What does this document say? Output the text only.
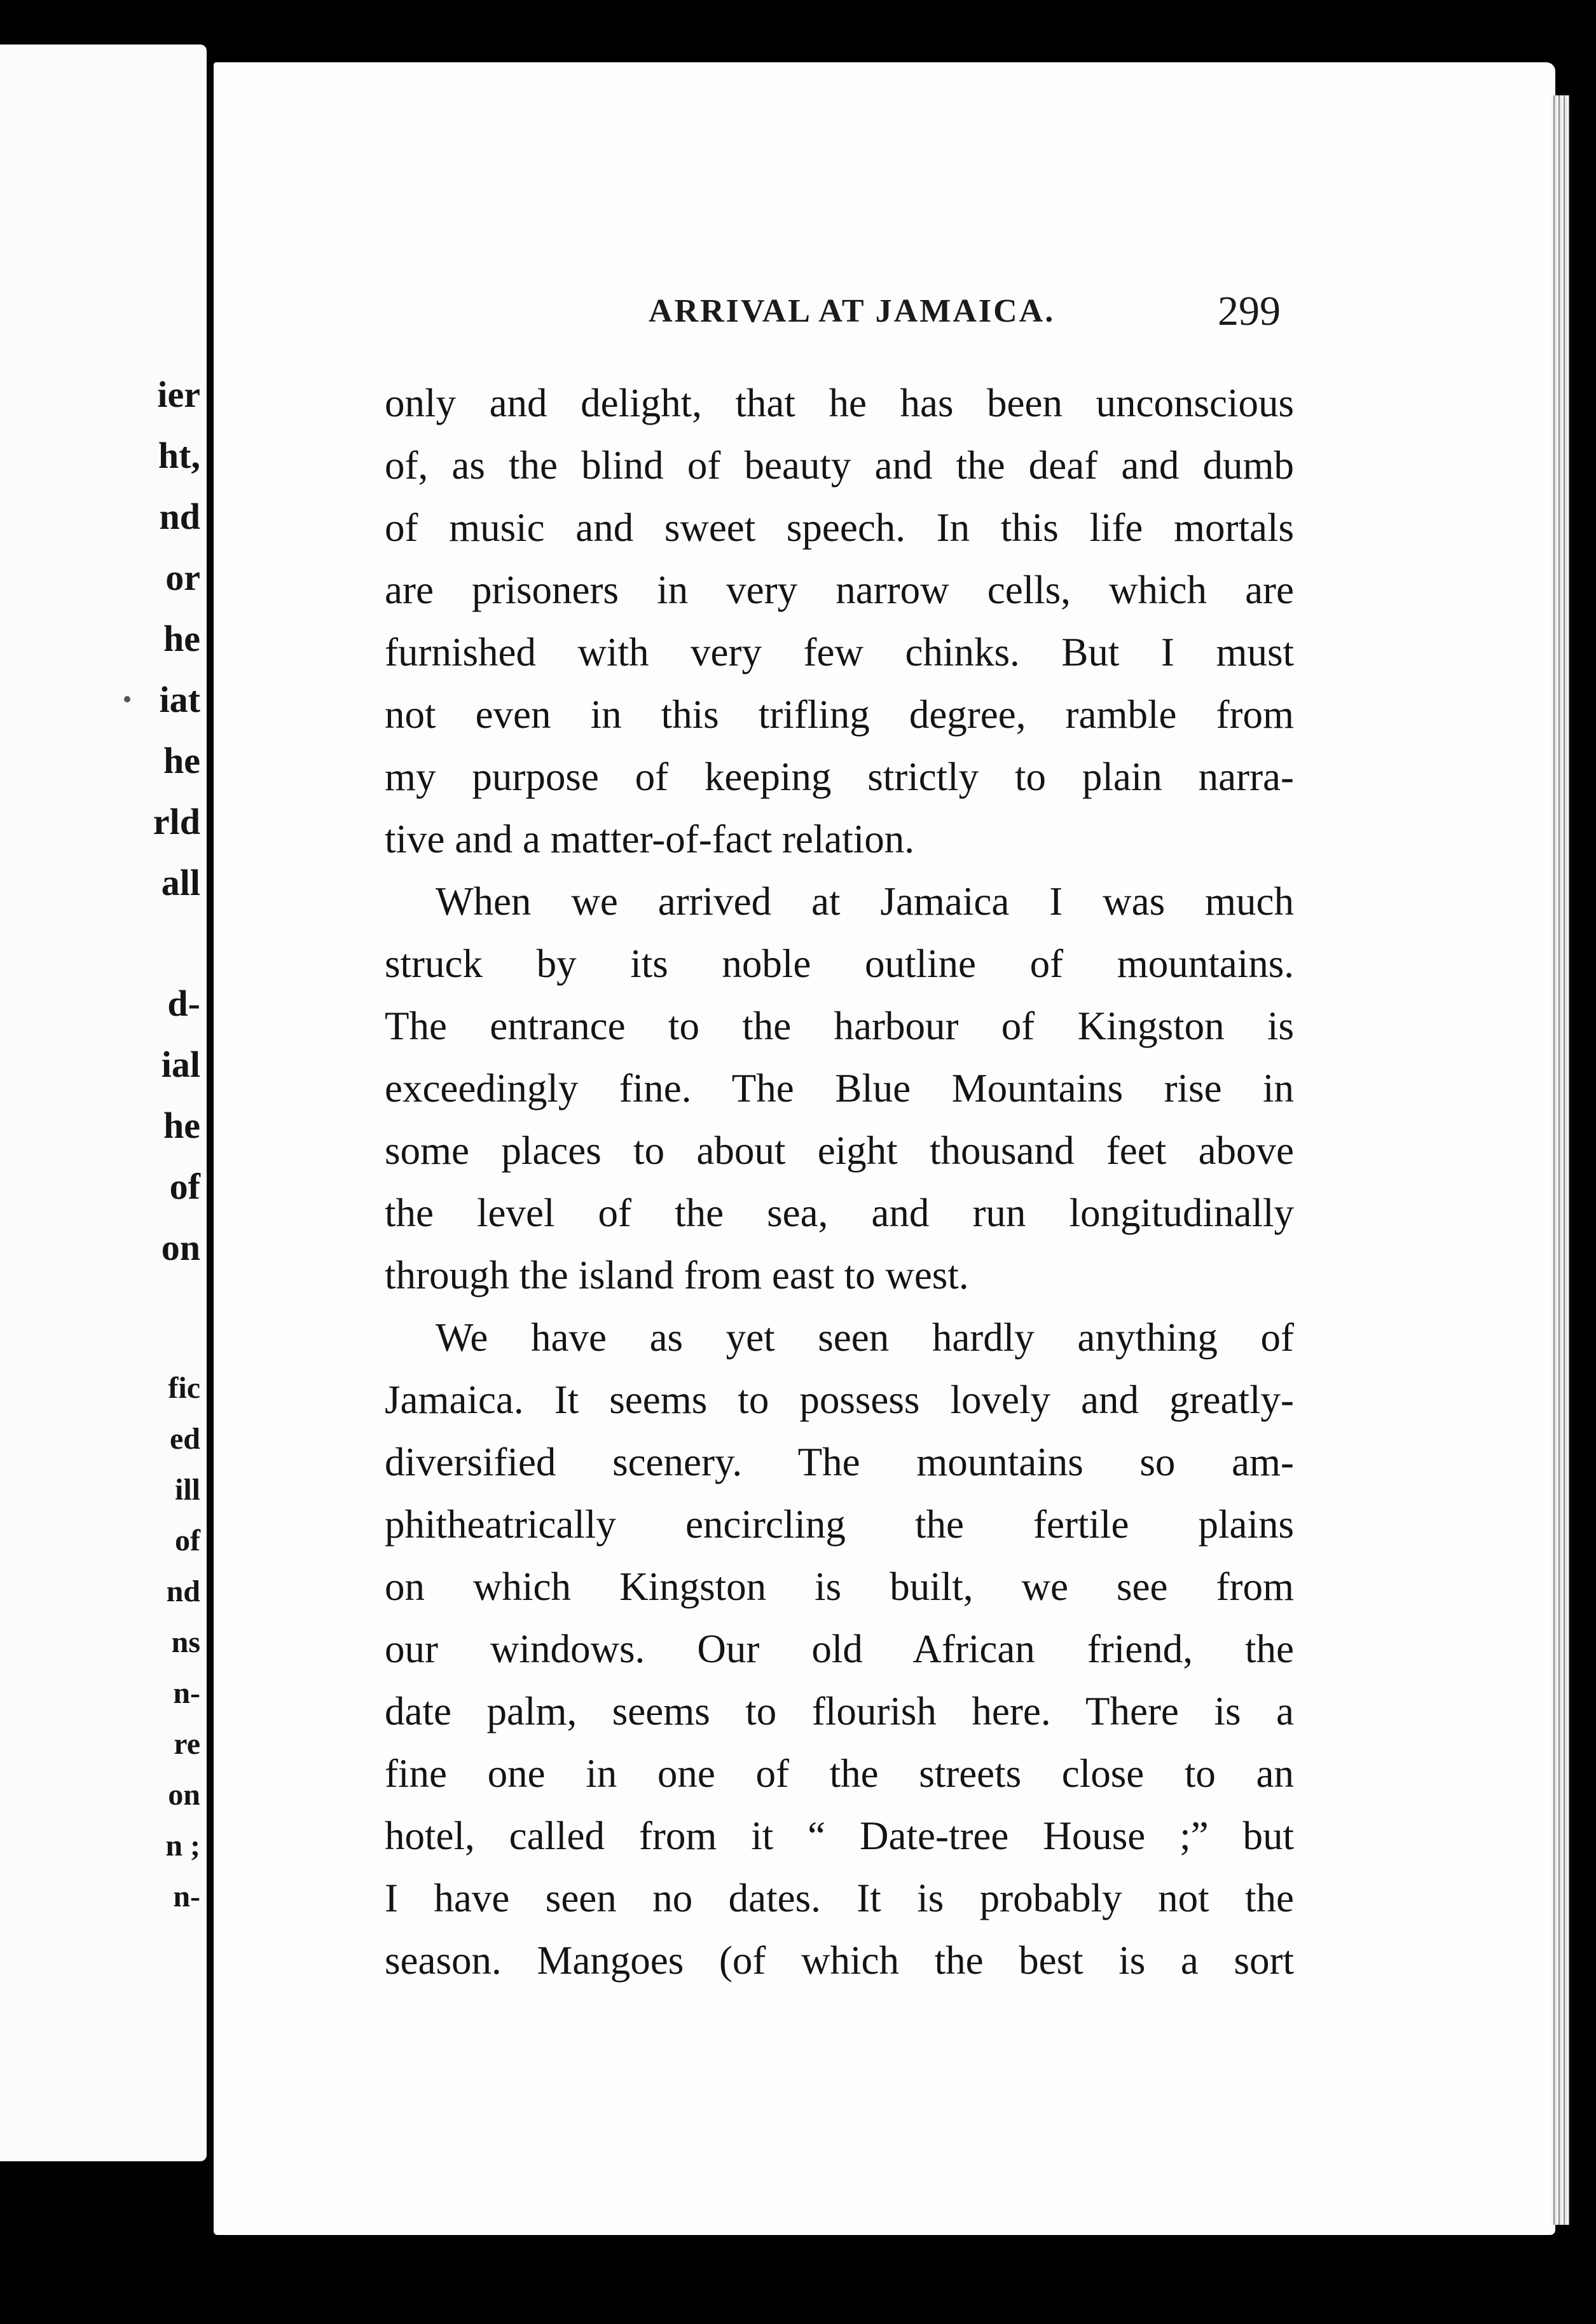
ier
ht,
nd
or
he
iat
he
rld
all
d-
ial
he
of
on
fic
ed
ill
of
nd
ns
n-
re
on
n ;
n-
ARRIVAL AT JAMAICA.	299
only and delight, that he has been unconscious
of, as the blind of beauty and the deaf and dumb
of music and sweet speech. In this life mortals
are prisoners in very narrow cells, which are
furnished with very few chinks. But I must
not even in this trifling degree, ramble from
my purpose of keeping strictly to plain narra-
tive and a matter-of-fact relation.
When we arrived at Jamaica I was much
struck by its noble outline of mountains.
The entrance to the harbour of Kingston is
exceedingly fine. The Blue Mountains rise in
some places to about eight thousand feet above
the level of the sea, and run longitudinally
through the island from east to west.
We have as yet seen hardly anything of
Jamaica. It seems to possess lovely and greatly-
diversified scenery. The mountains so am-
phitheatrically encircling the fertile plains
on which Kingston is built, we see from
our windows. Our old African friend, the
date palm, seems to flourish here. There is a
fine one in one of the streets close to an
hotel, called from it “ Date-tree House ;” but
I have seen no dates. It is probably not the
season. Mangoes (of which the best is a sort
